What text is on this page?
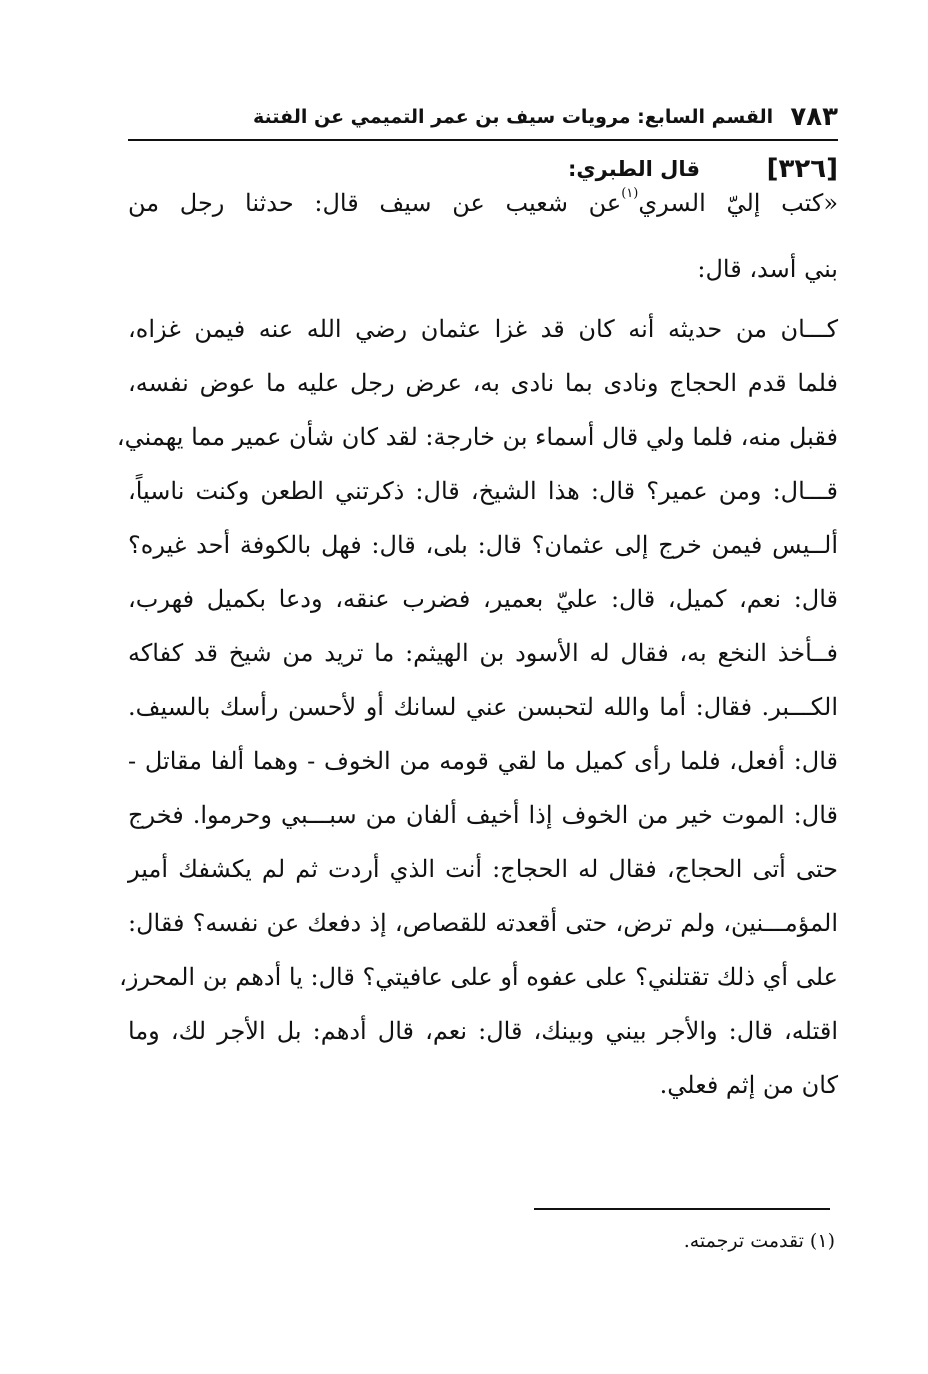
٧٨٣
القسم السابع: مرويات سيف بن عمر التميمي عن الفتنة
[٣٢٦]
قال الطبري:
«كتب إليّ السري$^{(١)}$عن شعيب عن سيف قال: حدثنا رجل من
بني أسد، قال:
كـــان من حديثه أنه كان قد غزا عثمان رضي الله عنه فيمن غزاه،
فلما قدم الحجاج ونادى بما نادى به، عرض رجل عليه ما عوض نفسه،
فقبل منه، فلما ولي قال أسماء بن خارجة: لقد كان شأن عمير مما يهمني،
قـــال: ومن عمير؟ قال: هذا الشيخ، قال: ذكرتني الطعن وكنت ناسياً،
ألــيس فيمن خرج إلى عثمان؟ قال: بلى، قال: فهل بالكوفة أحد غيره؟
قال: نعم، كميل، قال: عليّ بعمير، فضرب عنقه، ودعا بكميل فهرب،
فــأخذ النخع به، فقال له الأسود بن الهيثم: ما تريد من شيخ قد كفاكه
الكـــبر. فقال: أما والله لتحبسن عني لسانك أو لأحسن رأسك بالسيف.
قال: أفعل، فلما رأى كميل ما لقي قومه من الخوف - وهما ألفا مقاتل -
قال: الموت خير من الخوف إذا أخيف ألفان من سبـــبي وحرموا. فخرج
حتى أتى الحجاج، فقال له الحجاج: أنت الذي أردت ثم لم يكشفك أمير
المؤمـــنين، ولم ترض، حتى أقعدته للقصاص، إذ دفعك عن نفسه؟ فقال:
على أي ذلك تقتلني؟ على عفوه أو على عافيتي؟ قال: يا أدهم بن المحرز،
اقتله، قال: والأجر بيني وبينك، قال: نعم، قال أدهم: بل الأجر لك، وما
كان من إثم فعلي.
(١) تقدمت ترجمته.
